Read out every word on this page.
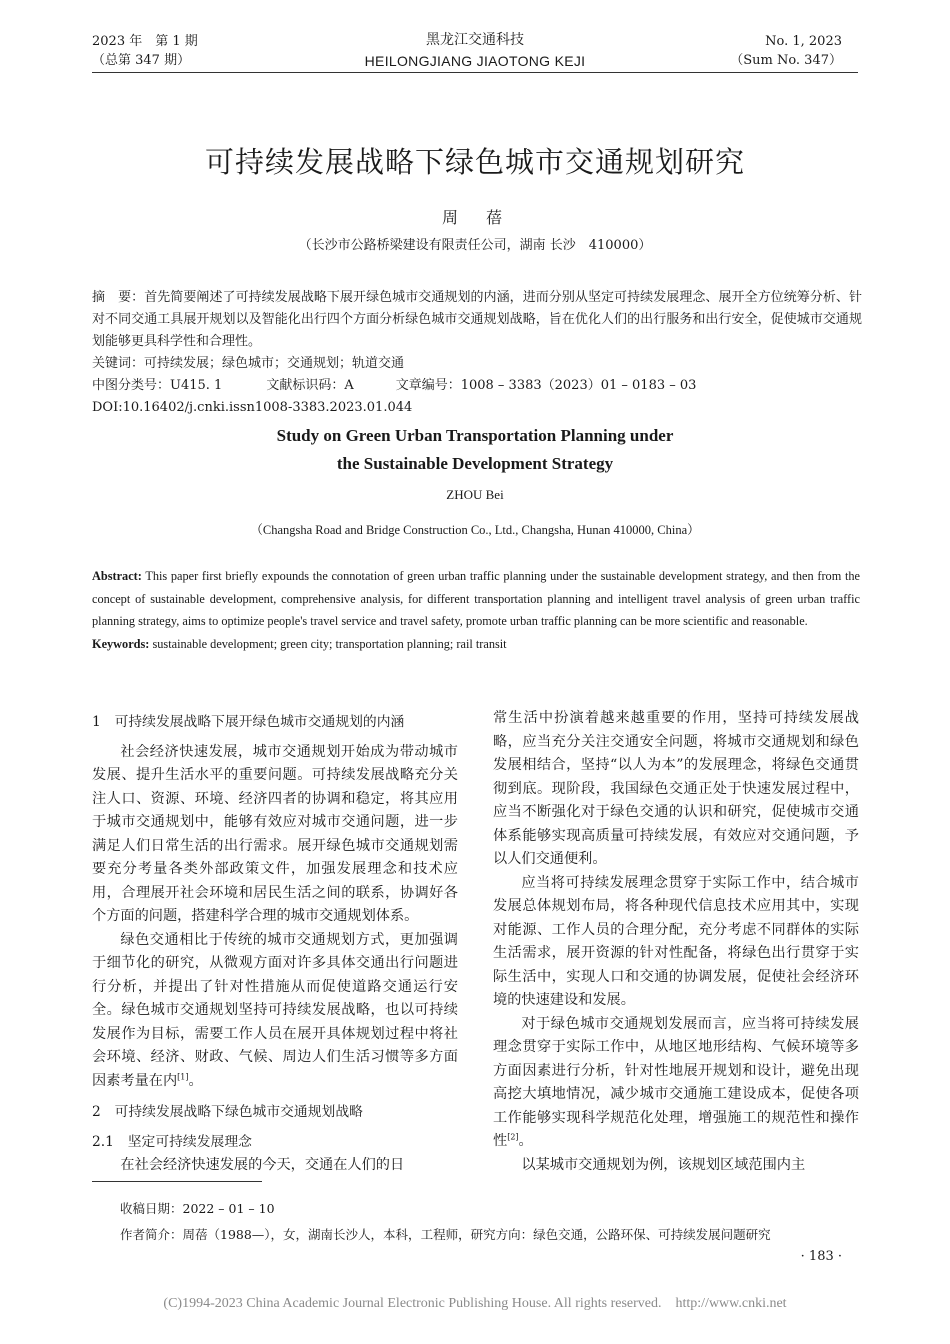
2023 年　第 1 期
（总第 347 期）
黑龙江交通科技
HEILONGJIANG JIAOTONG KEJI
No. 1, 2023
（Sum No. 347）
可持续发展战略下绿色城市交通规划研究
周　蓓
（长沙市公路桥梁建设有限责任公司，湖南 长沙　410000）

摘　要：首先简要阐述了可持续发展战略下展开绿色城市交通规划的内涵，进而分别从坚定可持续发展理念、展开全方位统筹分析、针对不同交通工具展开规划以及智能化出行四个方面分析绿色城市交通规划战略，旨在优化人们的出行服务和出行安全，促使城市交通规划能够更具科学性和合理性。

关键词：可持续发展；绿色城市；交通规划；轨道交通

中图分类号：U415. 1	文献标识码：A	文章编号：1008 – 3383（2023）01 – 0183 – 03

DOI:10.16402/j.cnki.issn1008-3383.2023.01.044

Study on Green Urban Transportation Planning under
the Sustainable Development Strategy
ZHOU Bei
（Changsha Road and Bridge Construction Co., Ltd., Changsha, Hunan 410000, China）

Abstract: This paper first briefly expounds the connotation of green urban traffic planning under the sustainable development strategy, and then from the concept of sustainable development, comprehensive analysis, for different transportation planning and intelligent travel analysis of green urban traffic planning strategy, aims to optimize people's travel service and travel safety, promote urban traffic planning can be more scientific and reasonable.

Keywords: sustainable development; green city; transportation planning; rail transit

1　可持续发展战略下展开绿色城市交通规划的内涵

社会经济快速发展，城市交通规划开始成为带动城市发展、提升生活水平的重要问题。可持续发展战略充分关注人口、资源、环境、经济四者的协调和稳定，将其应用于城市交通规划中，能够有效应对城市交通问题，进一步满足人们日常生活的出行需求。展开绿色城市交通规划需要充分考量各类外部政策文件，加强发展理念和技术应用，合理展开社会环境和居民生活之间的联系，协调好各个方面的问题，搭建科学合理的城市交通规划体系。

绿色交通相比于传统的城市交通规划方式，更加强调于细节化的研究，从微观方面对许多具体交通出行问题进行分析，并提出了针对性措施从而促使道路交通运行安全。绿色城市交通规划坚持可持续发展战略，也以可持续发展作为目标，需要工作人员在展开具体规划过程中将社会环境、经济、财政、气候、周边人们生活习惯等多方面因素考量在内[1]。

2　可持续发展战略下绿色城市交通规划战略

2.1　坚定可持续发展理念

在社会经济快速发展的今天，交通在人们的日

常生活中扮演着越来越重要的作用，坚持可持续发展战略，应当充分关注交通安全问题，将城市交通规划和绿色发展相结合，坚持“以人为本”的发展理念，将绿色交通贯彻到底。现阶段，我国绿色交通正处于快速发展过程中，应当不断强化对于绿色交通的认识和研究，促使城市交通体系能够实现高质量可持续发展，有效应对交通问题，予以人们交通便利。

应当将可持续发展理念贯穿于实际工作中，结合城市发展总体规划布局，将各种现代信息技术应用其中，实现对能源、工作人员的合理分配，充分考虑不同群体的实际生活需求，展开资源的针对性配备，将绿色出行贯穿于实际生活中，实现人口和交通的协调发展，促使社会经济环境的快速建设和发展。

对于绿色城市交通规划发展而言，应当将可持续发展理念贯穿于实际工作中，从地区地形结构、气候环境等多方面因素进行分析，针对性地展开规划和设计，避免出现高挖大填地情况，减少城市交通施工建设成本，促使各项工作能够实现科学规范化处理，增强施工的规范性和操作性[2]。

以某城市交通规划为例，该规划区域范围内主

收稿日期：2022 – 01 – 10
作者简介：周蓓（1988—），女，湖南长沙人，本科，工程师，研究方向：绿色交通，公路环保、可持续发展问题研究
· 183 ·
(C)1994-2023 China Academic Journal Electronic Publishing House. All rights reserved.    http://www.cnki.net
